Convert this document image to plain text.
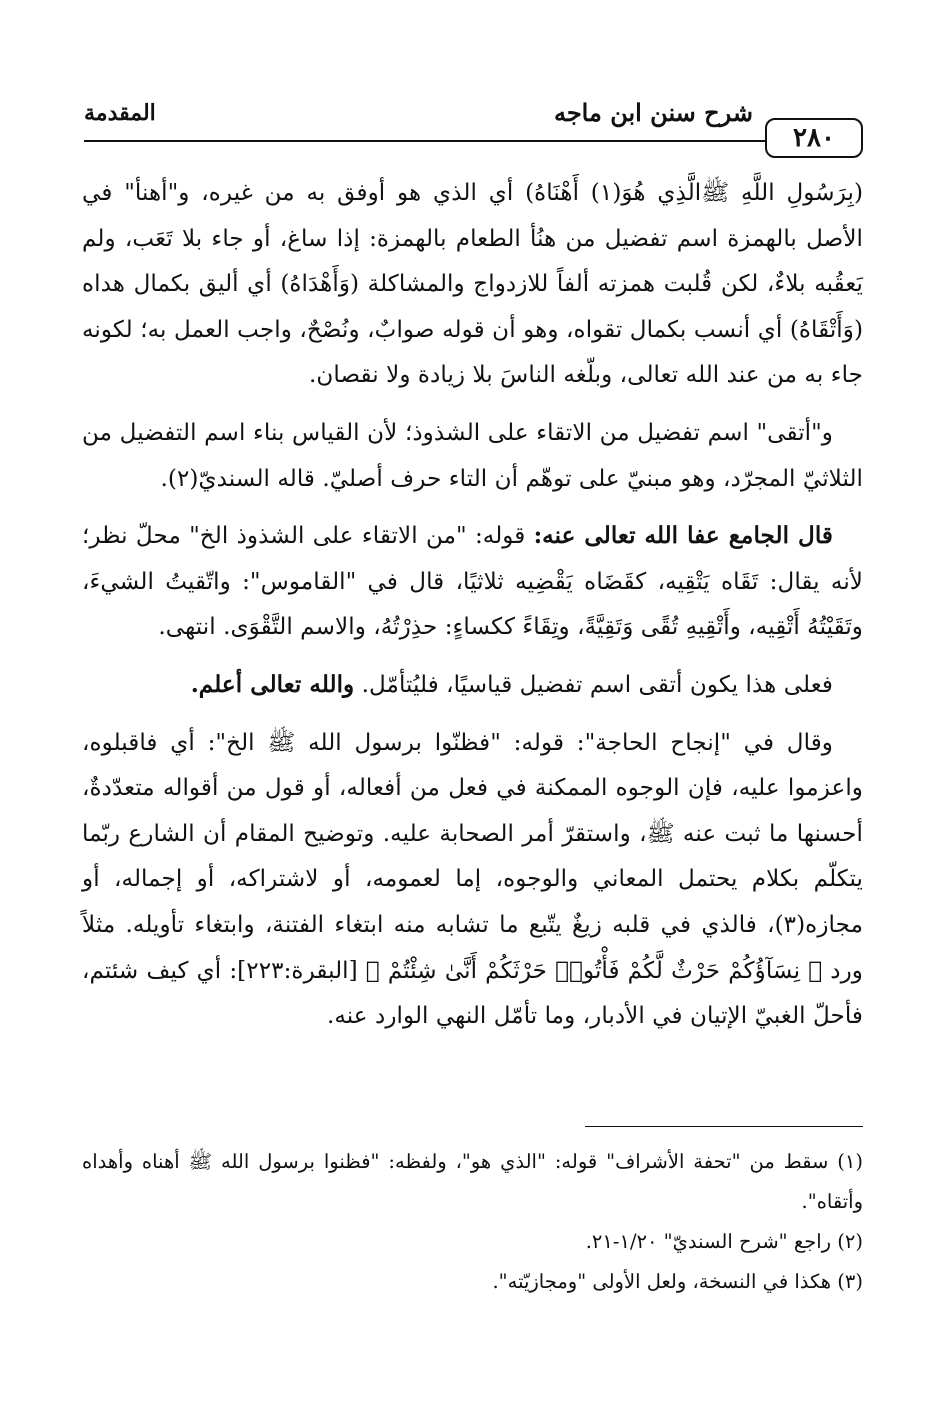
٢٨٠
شرح سنن ابن ماجه
المقدمة

(بِرَسُولِ اللَّهِ ﷺالَّذِي هُوَ(١) أَهْنَاهُ) أي الذي هو أوفق به من غيره، و"أهنأ" في الأصل بالهمزة اسم تفضيل من هنُأ الطعام بالهمزة: إذا ساغ، أو جاء بلا تَعَب، ولم يَعقُبه بلاءٌ، لكن قُلبت همزته ألفاً للازدواج والمشاكلة (وَأَهْدَاهُ) أي أليق بكمال هداه (وَأَتْقَاهُ) أي أنسب بكمال تقواه، وهو أن قوله صوابٌ، ونُصْحٌ، واجب العمل به؛ لكونه جاء به من عند الله تعالى، وبلّغه الناسَ بلا زيادة ولا نقصان.

و"أتقى" اسم تفضيل من الاتقاء على الشذوذ؛ لأن القياس بناء اسم التفضيل من الثلاثيّ المجرّد، وهو مبنيّ على توهّم أن التاء حرف أصليّ. قاله السنديّ(٢).

قال الجامع عفا الله تعالى عنه: قوله: "من الاتقاء على الشذوذ الخ" محلّ نظر؛ لأنه يقال: تَقَاه يَتْقِيه، كقَضَاه يَقْضِيه ثلاثيًا، قال في "القاموس": واتّقيتُ الشيءَ، وتَقَيْتُهُ أَتْقِيه، وأَتْقِيهِ تُقًى وَتَقِيَّةً، وتِقَاءً ككساءٍ: حذِرْتُهُ، والاسم التَّقْوَى. انتهى.

فعلى هذا يكون أتقى اسم تفضيل قياسيًا، فليُتأمّل. والله تعالى أعلم.

وقال في "إنجاح الحاجة": قوله: "فظنّوا برسول الله ﷺ الخ": أي فاقبلوه، واعزموا عليه، فإن الوجوه الممكنة في فعل من أفعاله، أو قول من أقواله متعدّدةٌ، أحسنها ما ثبت عنه ﷺ، واستقرّ أمر الصحابة عليه. وتوضيح المقام أن الشارع ربّما يتكلّم بكلام يحتمل المعاني والوجوه، إما لعمومه، أو لاشتراكه، أو إجماله، أو مجازه(٣)، فالذي في قلبه زيغٌ يتّبع ما تشابه منه ابتغاء الفتنة، وابتغاء تأويله. مثلاً ورد ﴿ نِسَآؤُكُمْ حَرْثٌ لَّكُمْ فَأْتُوا۟ حَرْثَكُمْ أَنَّىٰ شِئْتُمْ ﴾ [البقرة:٢٢٣]: أي كيف شئتم، فأحلّ الغبيّ الإتيان في الأدبار، وما تأمّل النهي الوارد عنه.

(١) سقط من "تحفة الأشراف" قوله: "الذي هو"، ولفظه: "فظنوا برسول الله ﷺ أهناه وأهداه وأتقاه".

(٢) راجع "شرح السنديّ" ١/٢٠-٢١.

(٣) هكذا في النسخة، ولعل الأولى "ومجازيّته".
